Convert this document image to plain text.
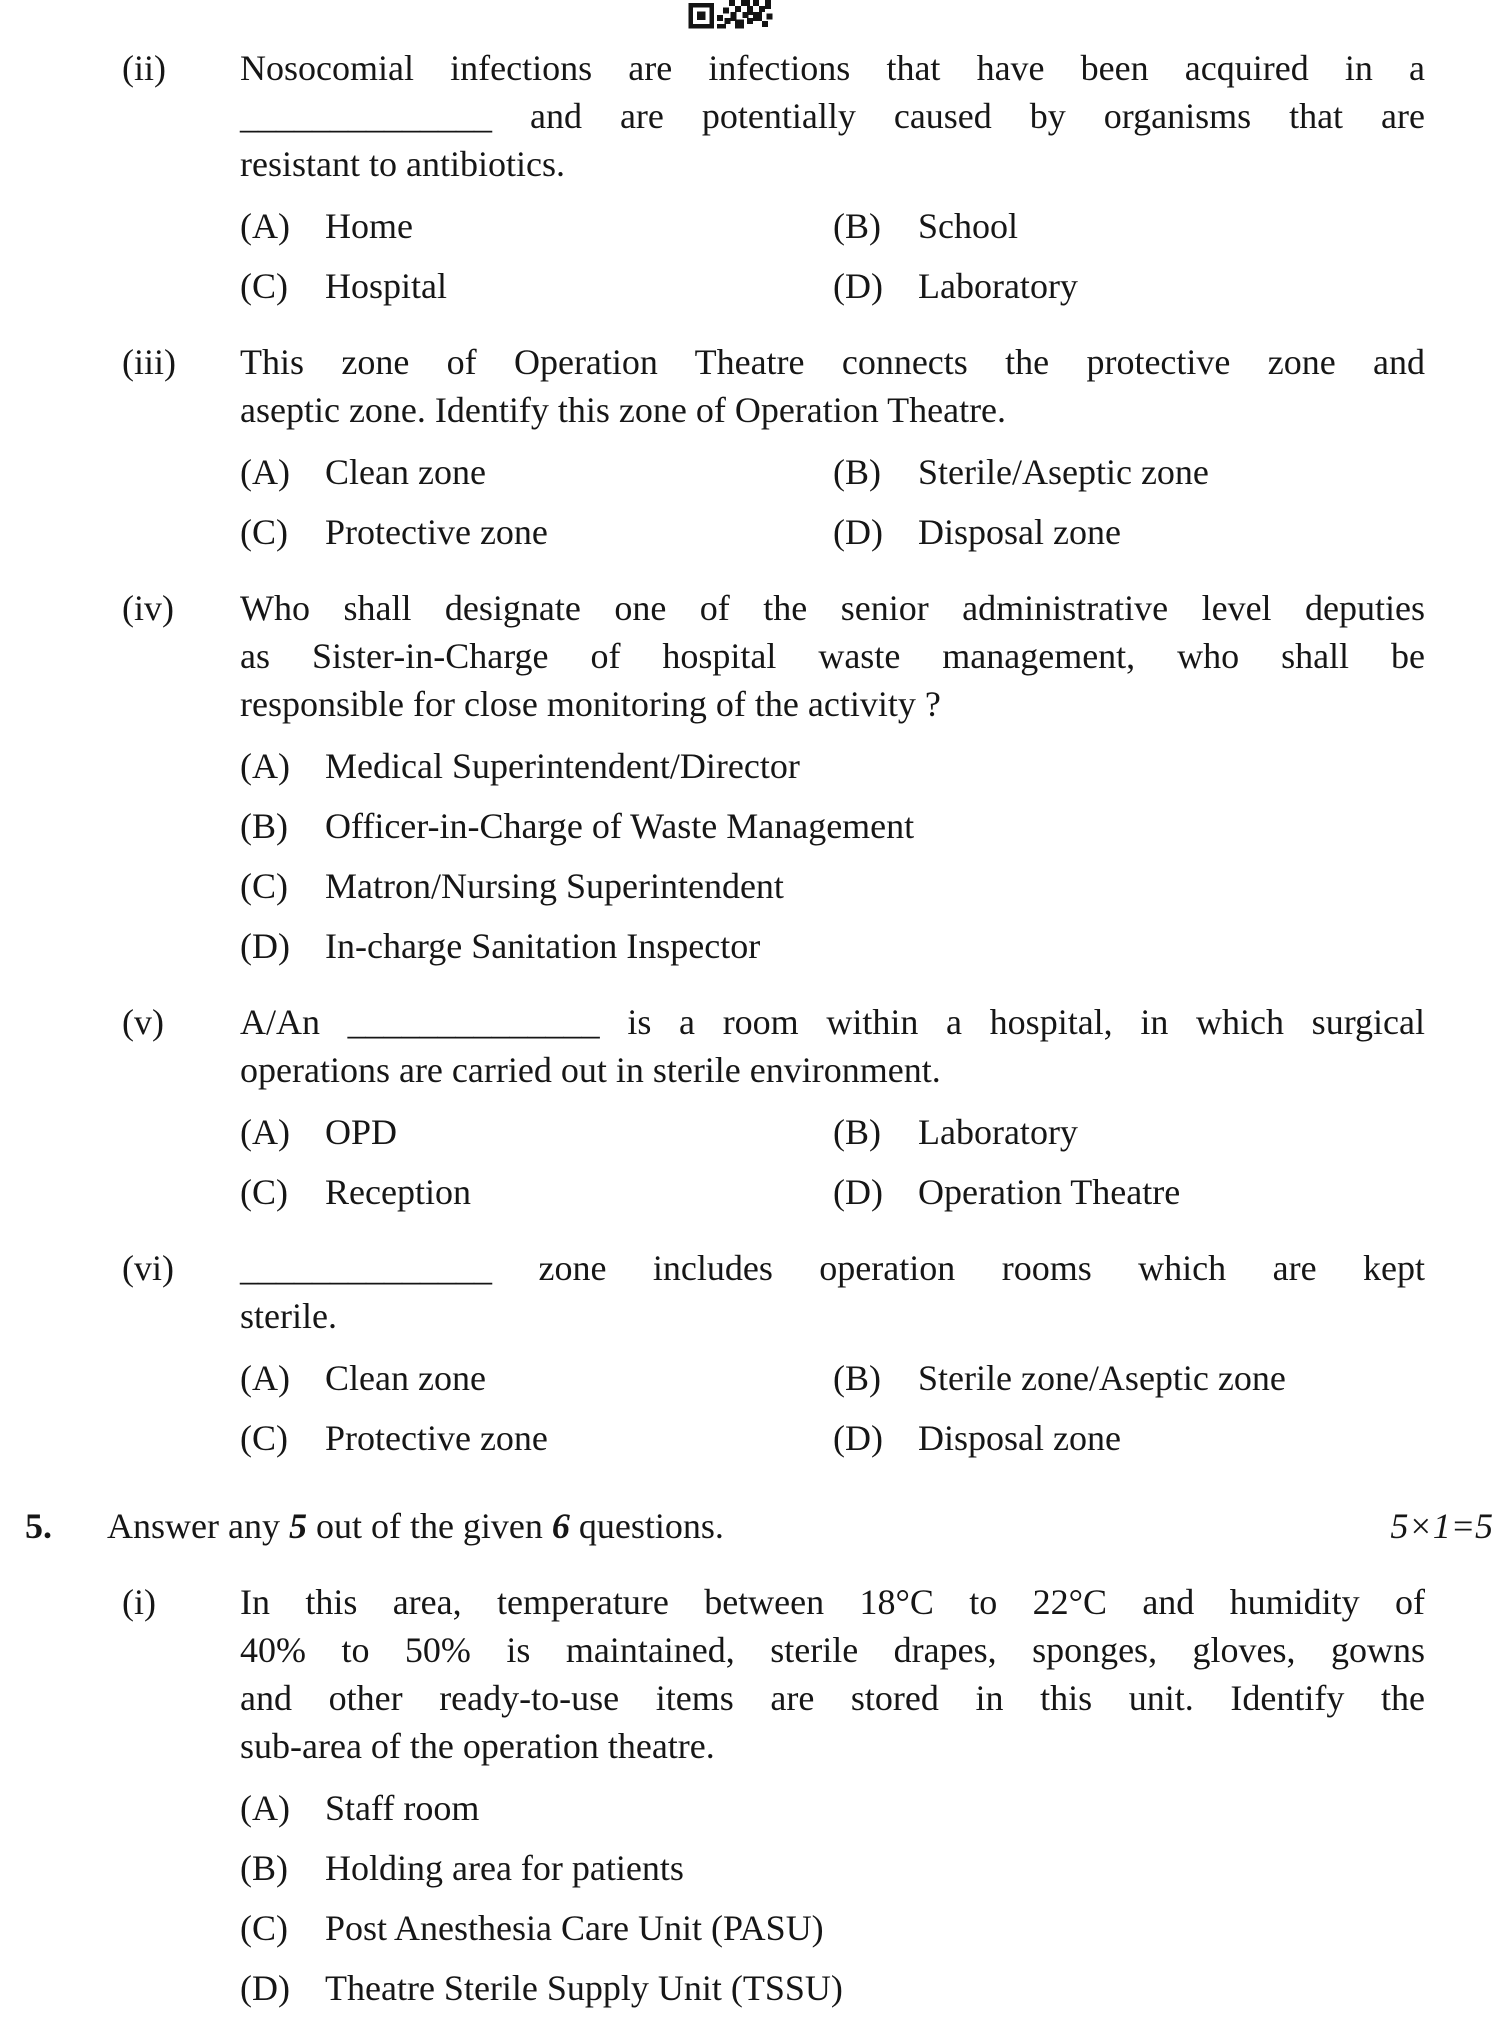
(ii) Nosocomial infections are infections that have been acquired in a
______________ and are potentially caused by organisms that are
resistant to antibiotics.
(A) Home	(B)	School
(C)	Hospital	(D) Laboratory
(iii) This zone of Operation Theatre connects the protective zone and
aseptic zone. Identify this zone of Operation Theatre.
(A) Clean zone	(B)	Sterile/Aseptic zone
(C)	Protective zone	(D) Disposal zone
(iv) Who shall designate one of the senior administrative level deputies
as Sister-in-Charge of hospital waste management, who shall be
responsible for close monitoring of the activity ?
(A) Medical Superintendent/Director
(B)	Officer-in-Charge of Waste Management
(C)	Matron/Nursing Superintendent
(D) In-charge Sanitation Inspector
(v) A/An ______________ is a room within a hospital, in which surgical
operations are carried out in sterile environment.
(A) OPD	(B)	Laboratory
(C)	Reception	(D) Operation Theatre
(vi) ______________ zone includes operation rooms which are kept
sterile.
(A) Clean zone	(B)	Sterile zone/Aseptic zone
(C)	Protective zone	(D) Disposal zone
5.	Answer any 5 out of the given 6 questions.	5×1=5
(i) In this area, temperature between 18°C to 22°C and humidity of
40% to 50% is maintained, sterile drapes, sponges, gloves, gowns
and other ready-to-use items are stored in this unit. Identify the
sub-area of the operation theatre.
(A) Staff room
(B)	Holding area for patients
(C)	Post Anesthesia Care Unit (PASU)
(D) Theatre Sterile Supply Unit (TSSU)
